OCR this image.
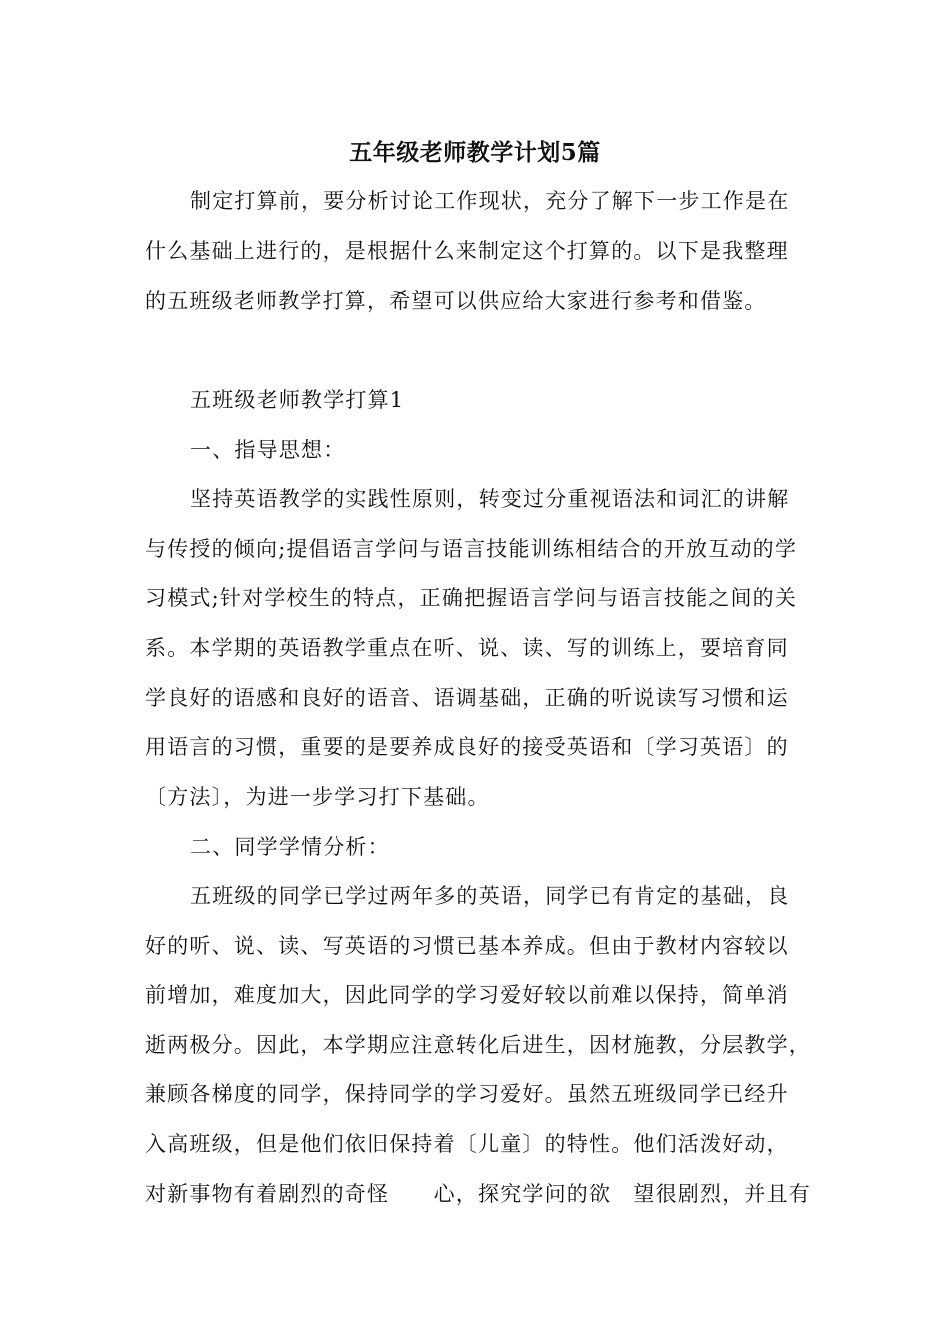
五年级老师教学计划5篇
制定打算前，要分析讨论工作现状，充分了解下一步工作是在
什么基础上进行的，是根据什么来制定这个打算的。以下是我整理
的五班级老师教学打算，希望可以供应给大家进行参考和借鉴。
五班级老师教学打算1
一、指导思想：
坚持英语教学的实践性原则，转变过分重视语法和词汇的讲解
与传授的倾向;提倡语言学问与语言技能训练相结合的开放互动的学
习模式;针对学校生的特点，正确把握语言学问与语言技能之间的关
系。本学期的英语教学重点在听、说、读、写的训练上，要培育同
学良好的语感和良好的语音、语调基础，正确的听说读写习惯和运
用语言的习惯，重要的是要养成良好的接受英语和〔学习英语〕的
〔方法〕，为进一步学习打下基础。
二、同学学情分析：
五班级的同学已学过两年多的英语，同学已有肯定的基础，良
好的听、说、读、写英语的习惯已基本养成。但由于教材内容较以
前增加，难度加大，因此同学的学习爱好较以前难以保持，简单消
逝两极分。因此，本学期应注意转化后进生，因材施教，分层教学，
兼顾各梯度的同学，保持同学的学习爱好。虽然五班级同学已经升
入高班级，但是他们依旧保持着〔儿童〕的特性。他们活泼好动，
对新事物有着剧烈的奇怪　　心，探究学问的欲　望很剧烈，并且有
